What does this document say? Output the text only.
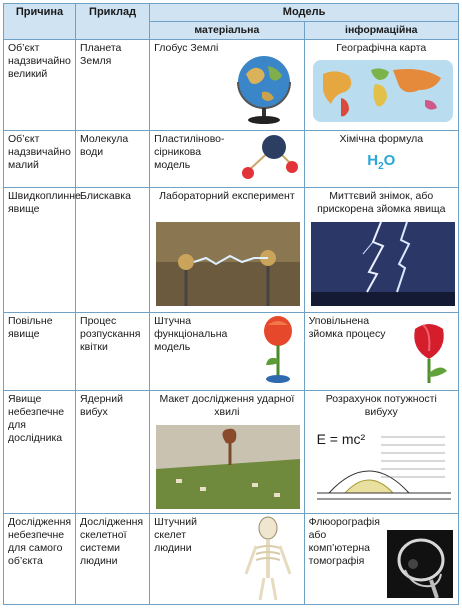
Причина	Приклад	Модель	
		матеріальна	інформаційна
Об’єкт надзвичайно великий	Планета Земля	Глобус Землі	Географічна карта

Об’єкт надзвичайно малий	Молекула води	Пластиліново-сірникова модель	Хімічна формула
$H_2O$

Швидкоплинне явище	Блискавка	Лабораторний експеримент	Миттєвий знімок, або прискорена зйомка явища

Повільне явище	Процес розпускання квітки	Штучна функціональна модель	Уповільнена зйомка процесу

Явище небезпечне для дослідника	Ядерний вибух	Макет дослідження ударної хвилі	Розрахунок потужності вибуху
E = mc²

Дослідження небезпечне для самого об’єкта	Дослідження скелетної системи людини	Штучний скелет людини	Флюорографія або комп’ютерна томографія
